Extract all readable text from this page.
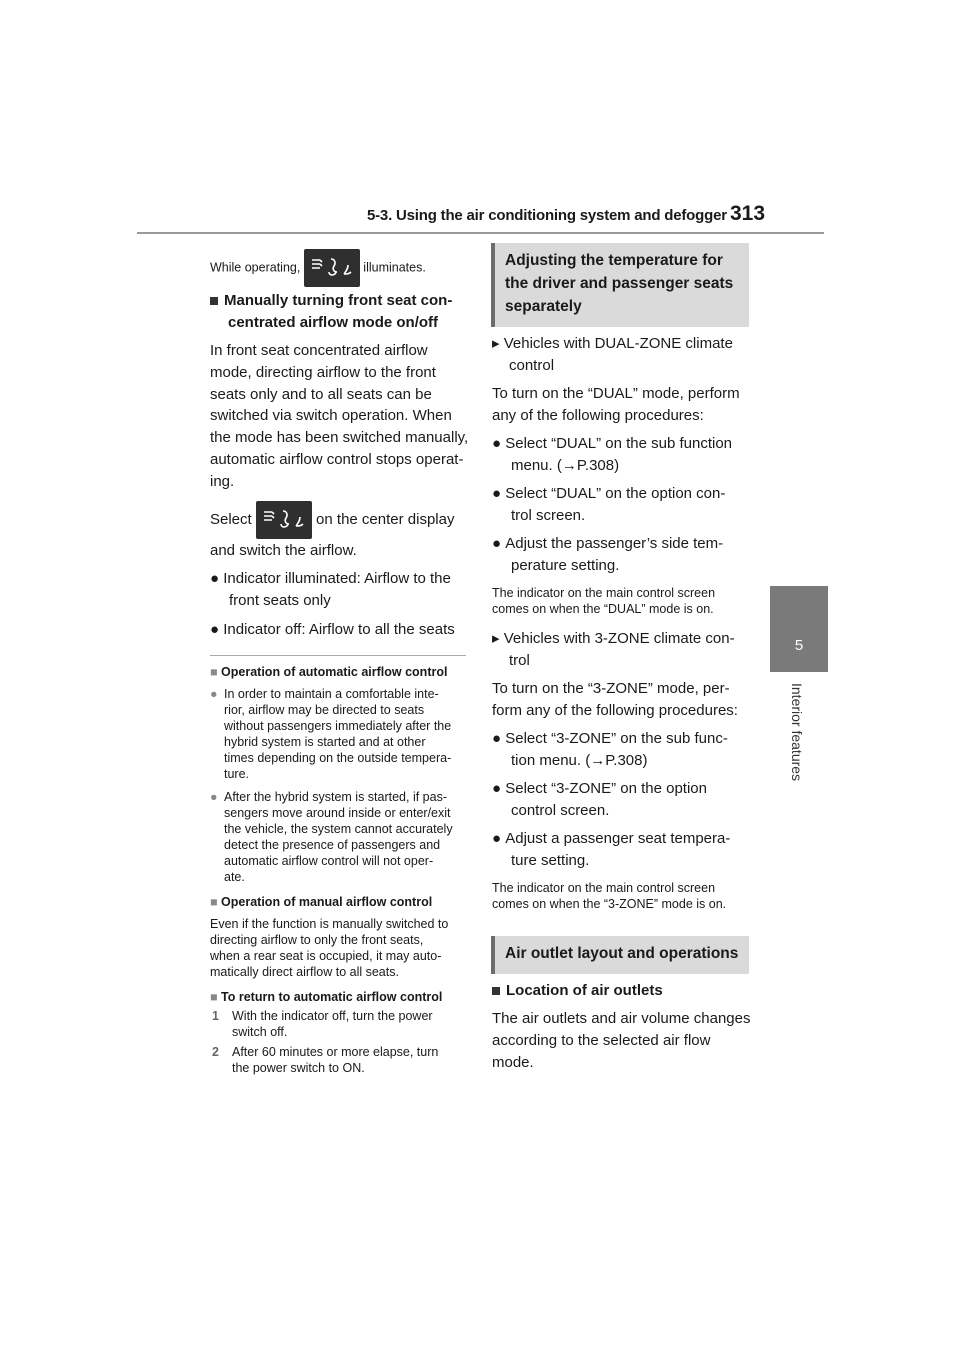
5-3. Using the air conditioning system and defogger 313
5
Interior features
While operating,	illuminates.
Manually turning front seat con-
centrated airflow mode on/off
In front seat concentrated airflow
mode, directing airflow to the front
seats only and to all seats can be
switched via switch operation. When
the mode has been switched manually,
automatic airflow control stops operat-
ing.
Select	on the center display
and switch the airflow.
● Indicator illuminated: Airflow to the
front seats only
● Indicator off: Airflow to all the seats
■ Operation of automatic airflow control
● In order to maintain a comfortable inte-
rior, airflow may be directed to seats
without passengers immediately after the
hybrid system is started and at other
times depending on the outside tempera-
ture.
● After the hybrid system is started, if pas-
sengers move around inside or enter/exit
the vehicle, the system cannot accurately
detect the presence of passengers and
automatic airflow control will not oper-
ate.
■ Operation of manual airflow control
Even if the function is manually switched to
directing airflow to only the front seats,
when a rear seat is occupied, it may auto-
matically direct airflow to all seats.
■ To return to automatic airflow control
1 With the indicator off, turn the power
switch off.
2 After 60 minutes or more elapse, turn
the power switch to ON.
Adjusting the temperature for
the driver and passenger seats
separately
▸ Vehicles with DUAL-ZONE climate
control
To turn on the “DUAL” mode, perform
any of the following procedures:
● Select “DUAL” on the sub function
menu. (→P.308)
● Select “DUAL” on the option con-
trol screen.
● Adjust the passenger’s side tem-
perature setting.
The indicator on the main control screen
comes on when the “DUAL” mode is on.
▸ Vehicles with 3-ZONE climate con-
trol
To turn on the “3-ZONE” mode, per-
form any of the following procedures:
● Select “3-ZONE” on the sub func-
tion menu. (→P.308)
● Select “3-ZONE” on the option
control screen.
● Adjust a passenger seat tempera-
ture setting.
The indicator on the main control screen
comes on when the “3-ZONE” mode is on.
Air outlet layout and operations
Location of air outlets
The air outlets and air volume changes
according to the selected air flow
mode.
